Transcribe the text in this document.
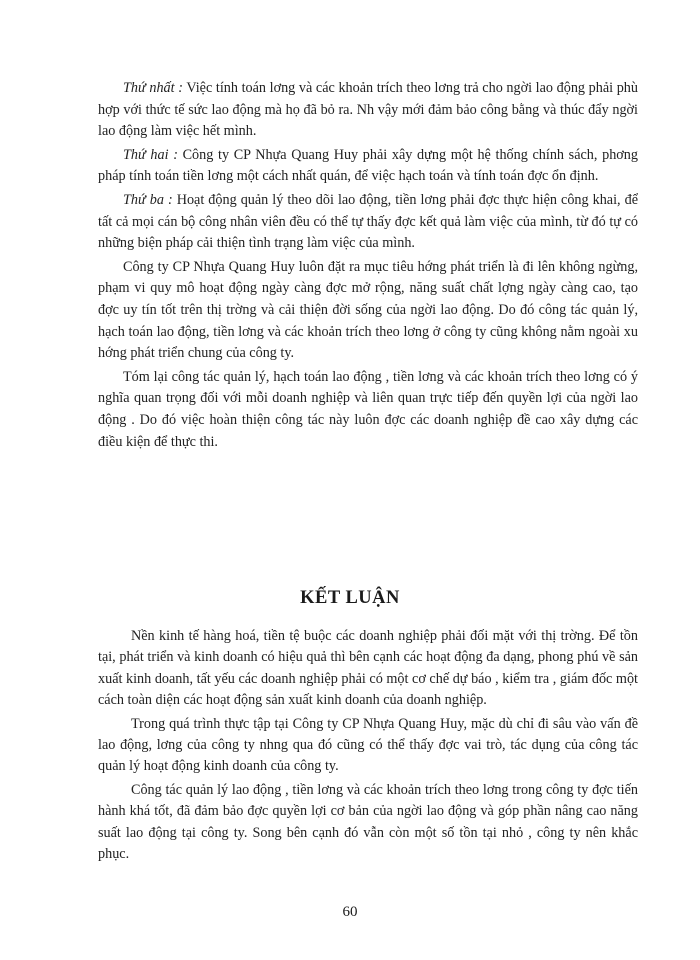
Thứ nhất : Việc tính toán lơng và các khoản trích theo lơng trả cho ngời lao động phải phù hợp với thức tế sức lao động mà họ đã bỏ ra. Nh vậy mới đảm bảo công bằng và thúc đẩy ngời lao động làm việc hết mình.

Thứ hai : Công ty CP Nhựa Quang Huy phải xây dựng một hệ thống chính sách, phơng pháp tính toán tiền lơng một cách nhất quán, để việc hạch toán và tính toán đợc ổn định.

Thứ ba : Hoạt động quản lý theo dõi lao động, tiền lơng phải đợc thực hiện công khai, để tất cả mọi cán bộ công nhân viên đều có thể tự thấy đợc kết quả làm việc của mình, từ đó tự có những biện pháp cải thiện tình trạng làm việc của mình.

Công ty CP Nhựa Quang Huy luôn đặt ra mục tiêu hớng phát triển là đi lên không ngừng, phạm vi quy mô hoạt động ngày càng đợc mở rộng, năng suất chất lợng ngày càng cao, tạo đợc uy tín tốt trên thị trờng và cải thiện đời sống của ngời lao động. Do đó công tác quản lý, hạch toán lao động, tiền lơng và các khoản trích theo lơng ở công ty cũng không nằm ngoài xu hớng phát triển chung của công ty.

Tóm lại công tác quản lý, hạch toán lao động , tiền lơng và các khoản trích theo lơng có ý nghĩa quan trọng đối với mỗi doanh nghiệp và liên quan trực tiếp đến quyền lợi của ngời lao động . Do đó việc hoàn thiện công tác này luôn đợc các doanh nghiệp đề cao xây dựng các điều kiện để thực thi.

KẾT LUẬN

Nền kinh tế hàng hoá, tiền tệ buộc các doanh nghiệp phải đối mặt với thị trờng. Để tồn tại, phát triển và kinh doanh có hiệu quả thì bên cạnh các hoạt động đa dạng, phong phú về sản xuất kinh doanh, tất yếu các doanh nghiệp phải có một cơ chế dự báo , kiểm tra , giám đốc một cách toàn diện các hoạt động sản xuất kinh doanh của doanh nghiệp.

Trong quá trình thực tập tại Công ty CP Nhựa Quang Huy, mặc dù chỉ đi sâu vào vấn đề lao động, lơng của công ty nhng qua đó cũng có thể thấy đợc vai trò, tác dụng của công tác quản lý hoạt động kinh doanh của công ty.

Công tác quản lý lao động , tiền lơng và các khoản trích theo lơng trong công ty đợc tiến hành khá tốt, đã đảm bảo đợc quyền lợi cơ bản của ngời lao động và góp phần nâng cao năng suất lao động tại công ty. Song bên cạnh đó vẫn còn một số tồn tại nhỏ , công ty nên khắc phục.

60
